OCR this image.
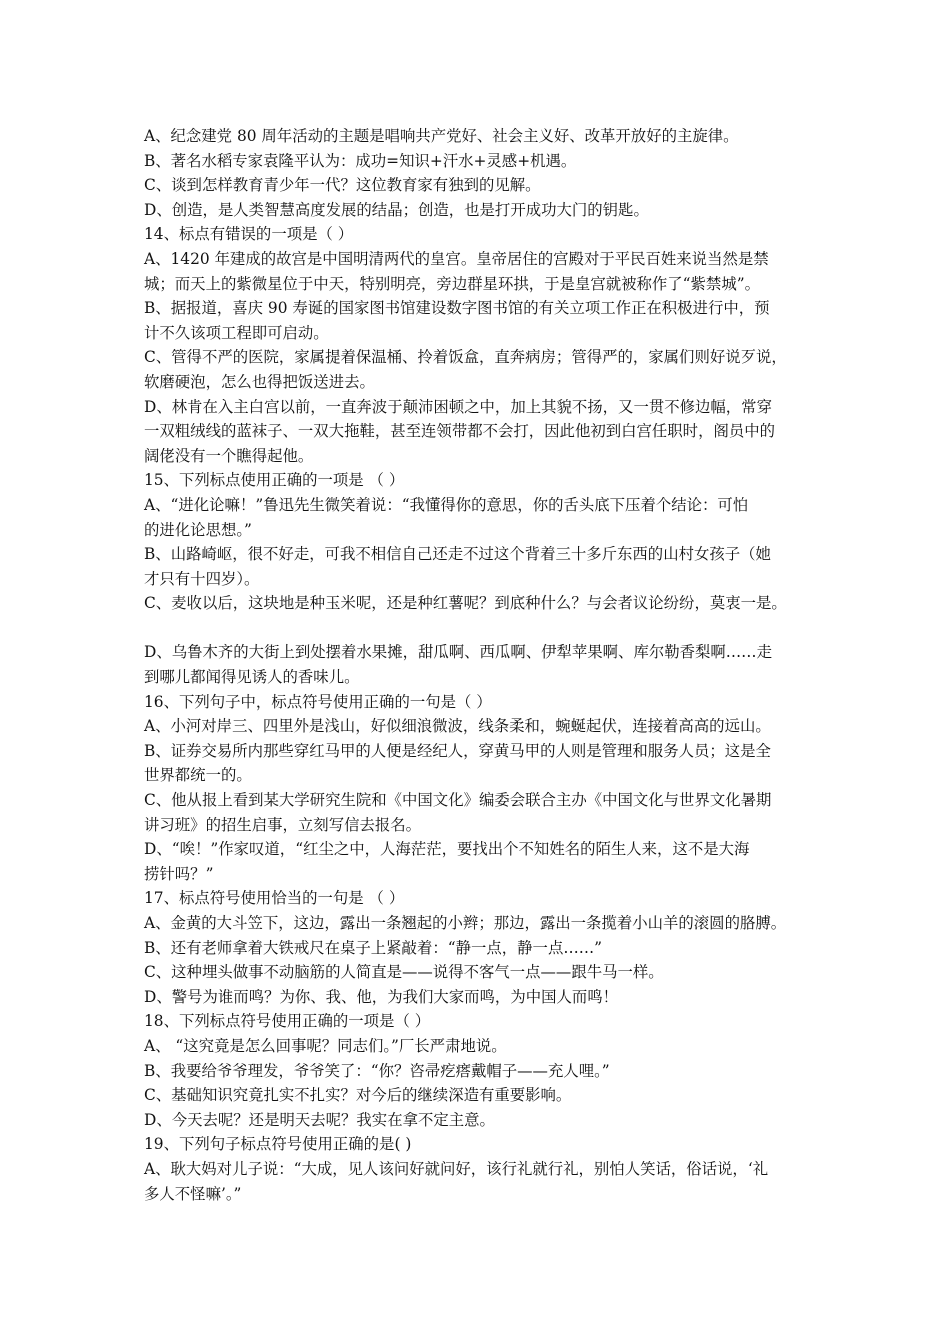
A、纪念建党 80 周年活动的主题是唱响共产党好、社会主义好、改革开放好的主旋律。
B、著名水稻专家袁隆平认为：成功=知识+汗水+灵感+机遇。
C、谈到怎样教育青少年一代？这位教育家有独到的见解。
D、创造，是人类智慧高度发展的结晶；创造，也是打开成功大门的钥匙。
14、标点有错误的一项是（ ）
A、1420 年建成的故宫是中国明清两代的皇宫。皇帝居住的宫殿对于平民百姓来说当然是禁
城；而天上的紫微星位于中天，特别明亮，旁边群星环拱，于是皇宫就被称作了“紫禁城”。
B、据报道，喜庆 90 寿诞的国家图书馆建设数字图书馆的有关立项工作正在积极进行中，预
计不久该项工程即可启动。
C、管得不严的医院，家属提着保温桶、拎着饭盒，直奔病房；管得严的，家属们则好说歹说，
软磨硬泡，怎么也得把饭送进去。
D、林肯在入主白宫以前，一直奔波于颠沛困顿之中，加上其貌不扬，又一贯不修边幅，常穿
一双粗绒线的蓝袜子、一双大拖鞋，甚至连领带都不会打，因此他初到白宫任职时，阁员中的
阔佬没有一个瞧得起他。
15、下列标点使用正确的一项是 （ ）
A、“进化论嘛！”鲁迅先生微笑着说：“我懂得你的意思，你的舌头底下压着个结论：可怕
的进化论思想。”
B、山路崎岖，很不好走，可我不相信自己还走不过这个背着三十多斤东西的山村女孩子（她
才只有十四岁）。
C、麦收以后，这块地是种玉米呢，还是种红薯呢？到底种什么？与会者议论纷纷，莫衷一是。
D、乌鲁木齐的大街上到处摆着水果摊，甜瓜啊、西瓜啊、伊犁苹果啊、库尔勒香梨啊……走
到哪儿都闻得见诱人的香味儿。
16、下列句子中，标点符号使用正确的一句是（ ）
A、小河对岸三、四里外是浅山，好似细浪微波，线条柔和，蜿蜒起伏，连接着高高的远山。
B、证券交易所内那些穿红马甲的人便是经纪人，穿黄马甲的人则是管理和服务人员；这是全
世界都统一的。
C、他从报上看到某大学研究生院和《中国文化》编委会联合主办《中国文化与世界文化暑期
讲习班》的招生启事，立刻写信去报名。
D、“唉！”作家叹道，“红尘之中，人海茫茫，要找出个不知姓名的陌生人来，这不是大海
捞针吗？”
17、标点符号使用恰当的一句是 （ ）
A、金黄的大斗笠下，这边，露出一条翘起的小辫；那边，露出一条揽着小山羊的滚圆的胳膊。
B、还有老师拿着大铁戒尺在桌子上紧敲着：“静一点，静一点……”
C、这种埋头做事不动脑筋的人简直是——说得不客气一点——跟牛马一样。
D、警号为谁而鸣？为你、我、他，为我们大家而鸣，为中国人而鸣！
18、下列标点符号使用正确的一项是（ ）
A、 “这究竟是怎么回事呢？同志们。”厂长严肃地说。
B、我要给爷爷理发，爷爷笑了：“你？咨帚疙瘩戴帽子——充人哩。”
C、基础知识究竟扎实不扎实？对今后的继续深造有重要影响。
D、今天去呢？还是明天去呢？我实在拿不定主意。
19、下列句子标点符号使用正确的是( )
A、耿大妈对儿子说：“大成，见人该问好就问好，该行礼就行礼，别怕人笑话，俗话说，‘礼
多人不怪嘛’。”
